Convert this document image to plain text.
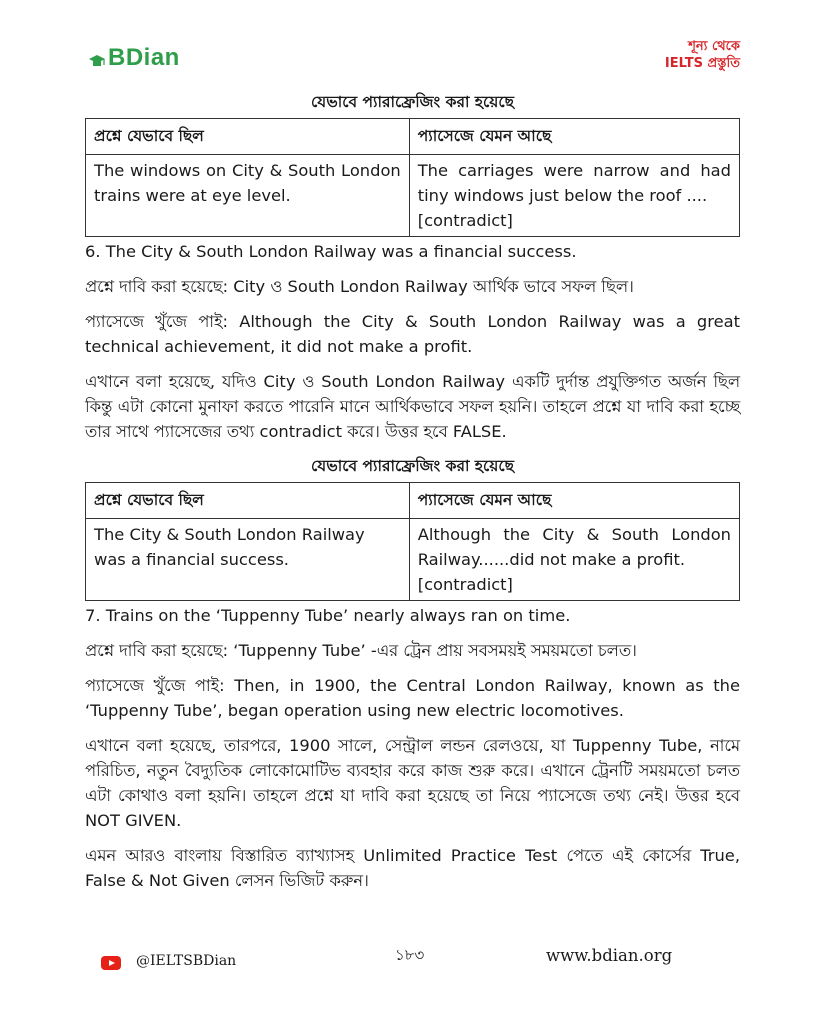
BDian	শূন্য থেকে
IELTS প্রস্তুতি
যেভাবে প্যারাফ্রেজিং করা হয়েছে
প্রশ্নে যেভাবে ছিল	প্যাসেজে যেমন আছে
The windows on City & South London trains were at eye level.	The carriages were narrow and had tiny windows just below the roof ....
[contradict]

6. The City & South London Railway was a financial success.

প্রশ্নে দাবি করা হয়েছে: City ও South London Railway আর্থিক ভাবে সফল ছিল।

প্যাসেজে খুঁজে পাই: Although the City & South London Railway was a great technical achievement, it did not make a profit.

এখানে বলা হয়েছে, যদিও City ও South London Railway একটি দুর্দান্ত প্রযুক্তিগত অর্জন ছিল কিন্তু এটা কোনো মুনাফা করতে পারেনি মানে আর্থিকভাবে সফল হয়নি। তাহলে প্রশ্নে যা দাবি করা হচ্ছে তার সাথে প্যাসেজের তথ্য contradict করে। উত্তর হবে FALSE.

যেভাবে প্যারাফ্রেজিং করা হয়েছে
প্রশ্নে যেভাবে ছিল	প্যাসেজে যেমন আছে
The City & South London Railway was a financial success.	Although the City & South London Railway......did not make a profit.
[contradict]

7. Trains on the ‘Tuppenny Tube’ nearly always ran on time.

প্রশ্নে দাবি করা হয়েছে: ‘Tuppenny Tube’ -এর ট্রেন প্রায় সবসময়ই সময়মতো চলত।

প্যাসেজে খুঁজে পাই: Then, in 1900, the Central London Railway, known as the ‘Tuppenny Tube’, began operation using new electric locomotives.

এখানে বলা হয়েছে, তারপরে, 1900 সালে, সেন্ট্রাল লন্ডন রেলওয়ে, যা Tuppenny Tube, নামে পরিচিত, নতুন বৈদ্যুতিক লোকোমোটিভ ব্যবহার করে কাজ শুরু করে। এখানে ট্রেনটি সময়মতো চলত এটা কোথাও বলা হয়নি। তাহলে প্রশ্নে যা দাবি করা হয়েছে তা নিয়ে প্যাসেজে তথ্য নেই। উত্তর হবে NOT GIVEN.

এমন আরও বাংলায় বিস্তারিত ব্যাখ্যাসহ Unlimited Practice Test পেতে এই কোর্সের True, False & Not Given লেসন ভিজিট করুন।

@IELTSBDian	১৮৩	www.bdian.org
